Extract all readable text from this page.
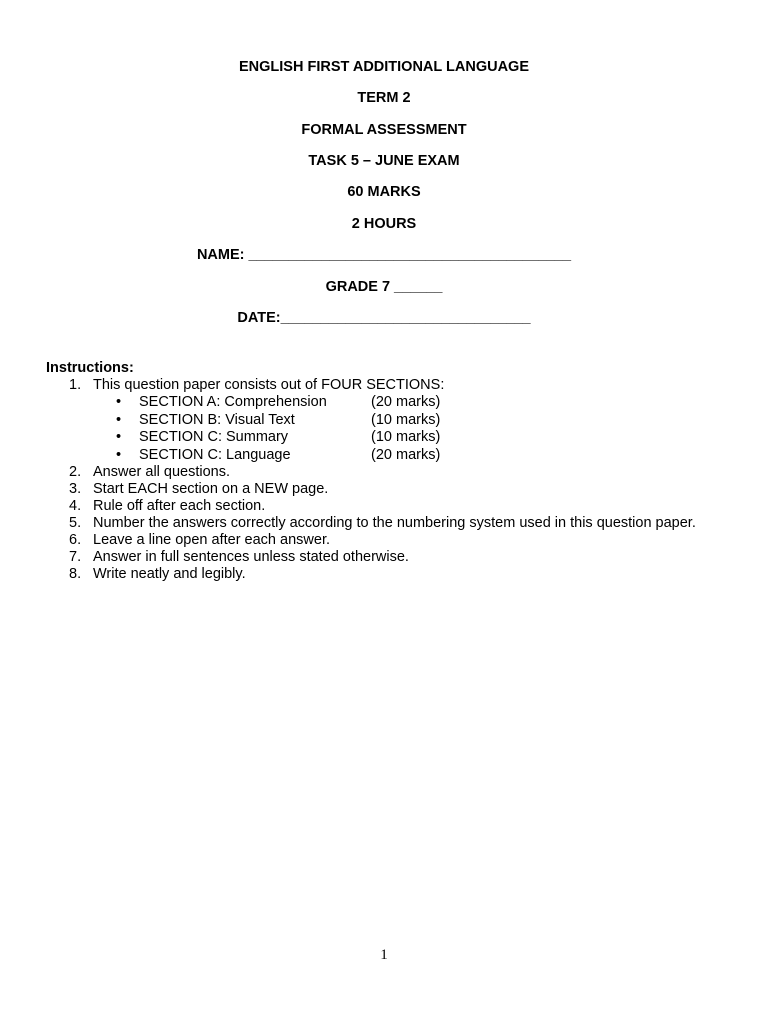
ENGLISH FIRST ADDITIONAL LANGUAGE
TERM 2
FORMAL ASSESSMENT
TASK 5 – JUNE EXAM
60 MARKS
2 HOURS
NAME: ________________________________________
GRADE 7 ______
DATE:_______________________________

Instructions:

1. This question paper consists out of FOUR SECTIONS:
• SECTION A: Comprehension	(20 marks)
• SECTION B: Visual Text	(10 marks)
• SECTION C: Summary	(10 marks)
• SECTION C: Language	(20 marks)
2. Answer all questions.
3. Start EACH section on a NEW page.
4. Rule off after each section.
5. Number the answers correctly according to the numbering system used in this question paper.
6. Leave a line open after each answer.
7. Answer in full sentences unless stated otherwise.
8. Write neatly and legibly.
1
